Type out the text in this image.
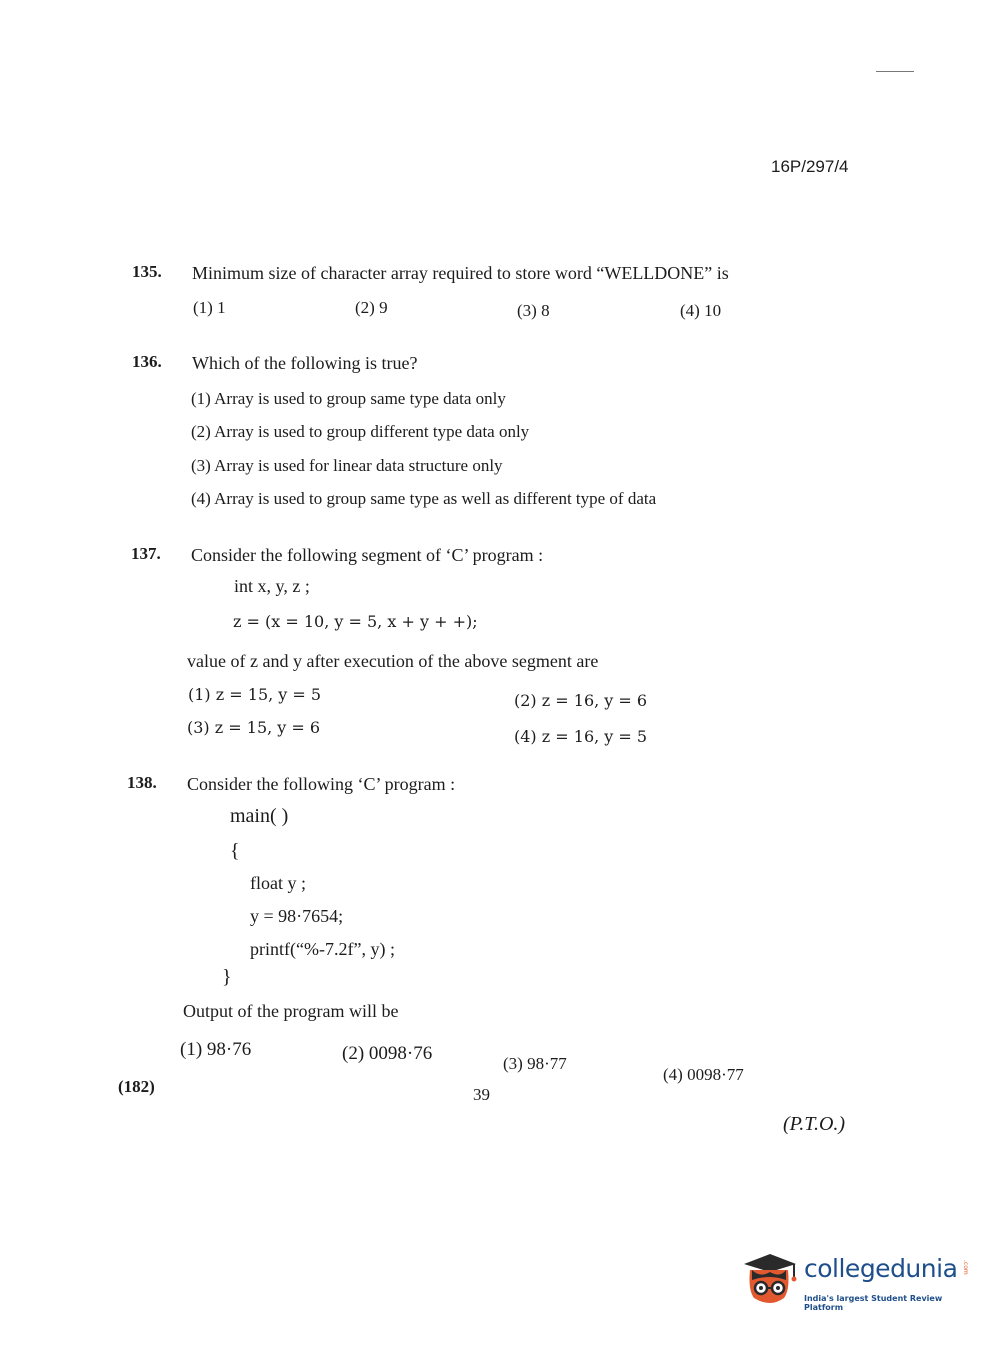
16P/297/4
135. Minimum size of character array required to store word “WELLDONE” is
(1) 1	(2) 9	(3) 8	(4) 10
136. Which of the following is true?
(1) Array is used to group same type data only
(2) Array is used to group different type data only
(3) Array is used for linear data structure only
(4) Array is used to group same type as well as different type of data
137. Consider the following segment of ‘C’ program :
int x, y, z ;
z = (x = 10, y = 5, x + y + +);
value of z and y after execution of the above segment are
(1) z = 15, y = 5	(2) z = 16, y = 6
(3) z = 15, y = 6	(4) z = 16, y = 5
138. Consider the following ‘C’ program :
main( )
{
float y ;
y = 98·7654;
printf(“%-7.2f”, y) ;
}
Output of the program will be
(1) 98·76	(2) 0098·76	(3) 98·77
(4) 0098·77
(182)	39
(P.T.O.)
collegedunia .com
India's largest Student Review Platform
